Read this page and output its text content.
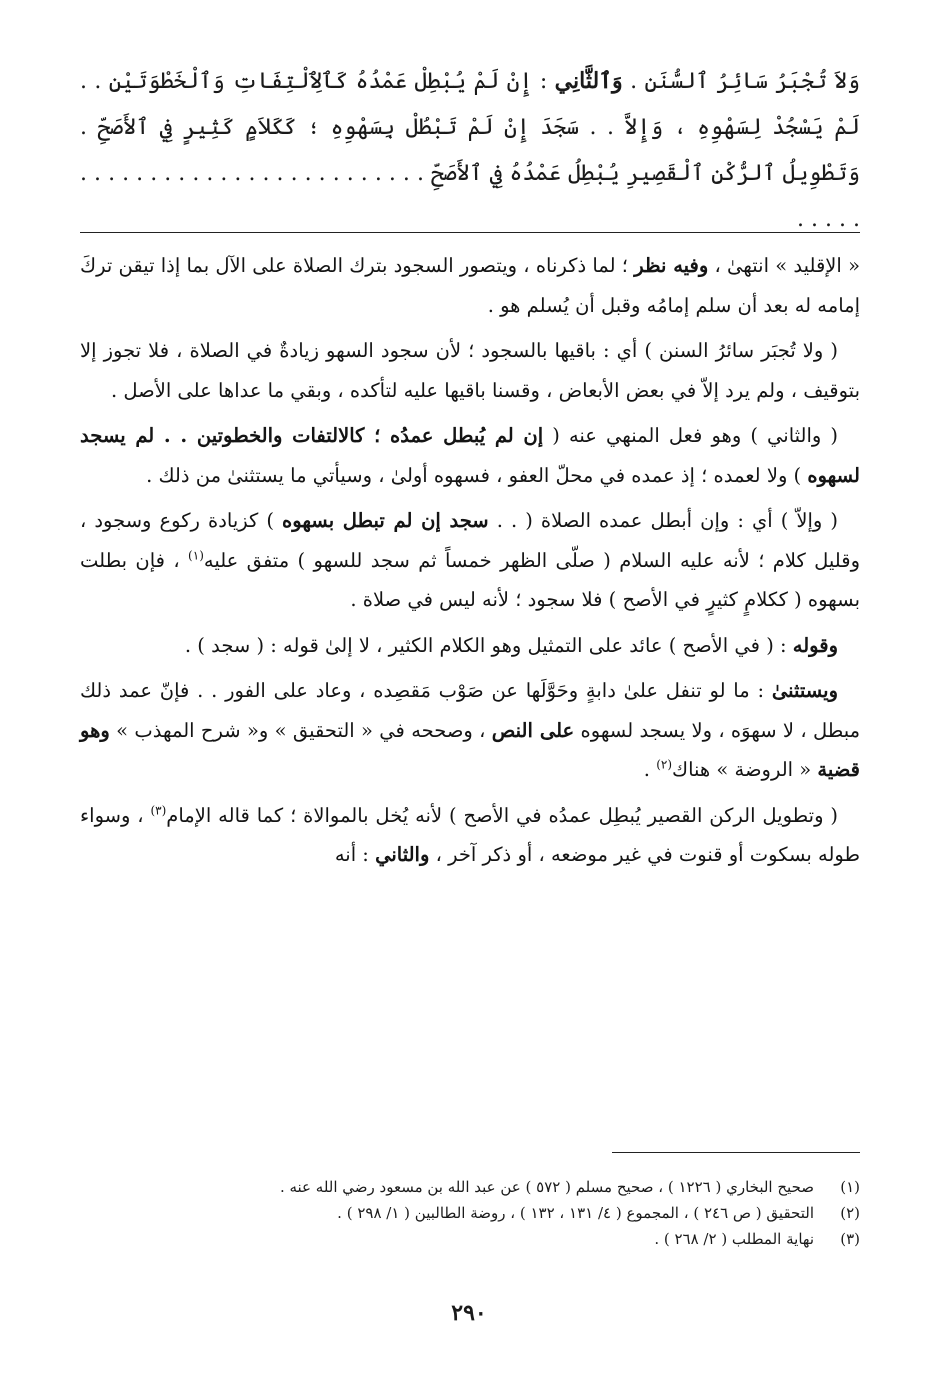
وَلاَ تُجْبَرُ سَائِرُ ٱلسُّنَنِ . وَٱلثَّانِي : إِنْ لَمْ يُبْطِلْ عَمْدُهُ كَٱلِٱلْتِفَاتِ وَٱلْخَطْوَتَيْنِ . . لَمْ يَسْجُدْ لِسَهْوِهِ ، وَإِلاَّ . . سَجَدَ إِنْ لَمْ تَبْطُلْ بِسَهْوِهِ ؛ كَكَلاَمٍ كَثِيرٍ فِي ٱلأَصَحِّ . وَتَطْوِيلُ ٱلرُّكْنِ ٱلْقَصِيرِ يُبْطِلُ عَمْدُهُ فِي ٱلأَصَحِّ . . . . . . . . . . . . . . . . . . . . . . . . . . . . . .

« الإقليد » انتهىٰ ، وفيه نظر ؛ لما ذكرناه ، ويتصور السجود بترك الصلاة على الآل بما إذا تيقن تركَ إمامه له بعد أن سلم إمامُه وقبل أن يُسلم هو .

( ولا تُجبَر سائرُ السنن ) أي : باقيها بالسجود ؛ لأن سجود السهو زيادةٌ في الصلاة ، فلا تجوز إلا بتوقيف ، ولم يرد إلاّ في بعض الأبعاض ، وقسنا باقيها عليه لتأكده ، وبقي ما عداها على الأصل .

( والثاني ) وهو فعل المنهي عنه ( إن لم يُبطل عمدُه ؛ كالالتفات والخطوتين . . لم يسجد لسهوه ) ولا لعمده ؛ إذ عمده في محلّ العفو ، فسهوه أولىٰ ، وسيأتي ما يستثنىٰ من ذلك .

( وإلاّ ) أي : وإن أبطل عمده الصلاة ( . . سجد إن لم تبطل بسهوه ) كزيادة ركوع وسجود ، وقليل كلام ؛ لأنه عليه السلام ( صلّى الظهر خمساً ثم سجد للسهو ) متفق عليه$^{(١)}$ ، فإن بطلت بسهوه ( ككلامٍ كثيرٍ في الأصح ) فلا سجود ؛ لأنه ليس في صلاة .

وقوله : ( في الأصح ) عائد على التمثيل وهو الكلام الكثير ، لا إلىٰ قوله : ( سجد ) .

ويستثنىٰ : ما لو تنفل علىٰ دابةٍ وحَوَّلَها عن صَوْب مَقصِده ، وعاد على الفور . . فإنّ عمد ذلك مبطل ، لا سهوَه ، ولا يسجد لسهوه على النص ، وصححه في « التحقيق » و« شرح المهذب » وهو قضية « الروضة » هناك$^{(٢)}$ .

( وتطويل الركن القصير يُبطِل عمدُه في الأصح ) لأنه يُخل بالموالاة ؛ كما قاله الإمام$^{(٣)}$ ، وسواء طوله بسكوت أو قنوت في غير موضعه ، أو ذكر آخر ، والثاني : أنه

(١)
صحيح البخاري ( ١٢٢٦ ) ، صحيح مسلم ( ٥٧٢ ) عن عبد الله بن مسعود رضي الله عنه .
(٢)
التحقيق ( ص ٢٤٦ ) ، المجموع ( ٤/ ١٣١ ، ١٣٢ ) ، روضة الطالبين ( ١/ ٢٩٨ ) .
(٣)
نهاية المطلب ( ٢/ ٢٦٨ ) .
٢٩٠
